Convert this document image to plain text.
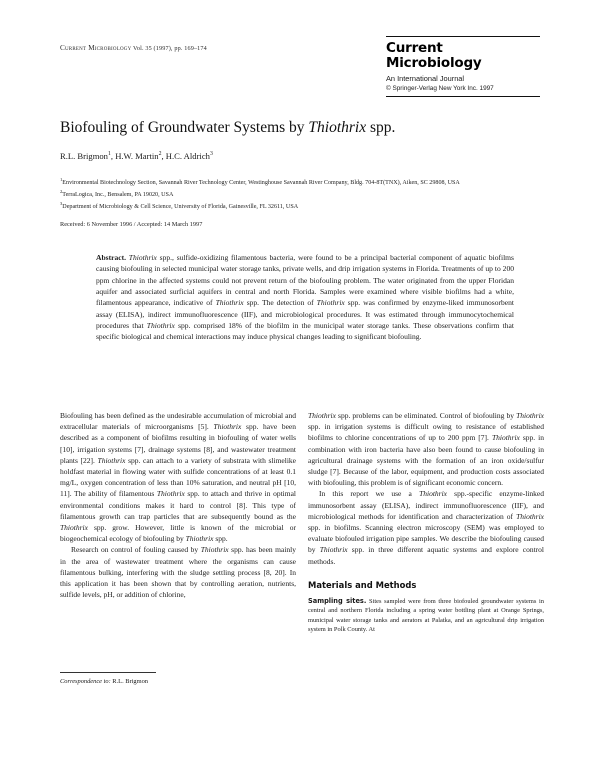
Current Microbiology Vol. 35 (1997), pp. 169–174	Current
Microbiology
An International Journal
© Springer-Verlag New York Inc. 1997
Biofouling of Groundwater Systems by Thiothrix spp.
R.L. Brigmon$^1$, H.W. Martin$^2$, H.C. Aldrich$^3$
$^1$Environmental Biotechnology Section, Savannah River Technology Center, Westinghouse Savannah River Company, Bldg. 704-8T(TNX), Aiken, SC 29808, USA
$^2$TerraLogica, Inc., Bensalem, PA 19020, USA
$^3$Department of Microbiology & Cell Science, University of Florida, Gainesville, FL 32611, USA
Received: 6 November 1996 / Accepted: 14 March 1997
Abstract. Thiothrix spp., sulfide-oxidizing filamentous bacteria, were found to be a principal bacterial component of aquatic biofilms causing biofouling in selected municipal water storage tanks, private wells, and drip irrigation systems in Florida. Treatments of up to 200 ppm chlorine in the affected systems could not prevent return of the biofouling problem. The water originated from the upper Floridan aquifer and associated surficial aquifers in central and north Florida. Samples were examined where visible biofilms had a white, filamentous appearance, indicative of Thiothrix spp. The detection of Thiothrix spp. was confirmed by enzyme-liked immunosorbent assay (ELISA), indirect immunofluorescence (IIF), and microbiological procedures. It was estimated through immunocytochemical procedures that Thiothrix spp. comprised 18% of the biofilm in the municipal water storage tanks. These observations confirm that specific biological and chemical interactions may induce physical changes leading to significant biofouling.

Biofouling has been defined as the undesirable accumulation of microbial and extracellular materials of microorganisms [5]. Thiothrix spp. have been described as a component of biofilms resulting in biofouling of water wells [10], irrigation systems [7], drainage systems [8], and wastewater treatment plants [22]. Thiothrix spp. can attach to a variety of substrata with slimelike holdfast material in flowing water with sulfide concentrations of at least 0.1 mg/L, oxygen concentration of less than 10% saturation, and neutral pH [10, 11]. The ability of filamentous Thiothrix spp. to attach and thrive in optimal environmental conditions makes it hard to control [8]. This type of filamentous growth can trap particles that are subsequently bound as the Thiothrix spp. grow. However, little is known of the microbial or biogeochemical ecology of biofouling by Thiothrix spp.

Research on control of fouling caused by Thiothrix spp. has been mainly in the area of wastewater treatment where the organisms can cause filamentous bulking, interfering with the sludge settling process [8, 20]. In this application it has been shown that by controlling aeration, nutrients, sulfide levels, pH, or addition of chlorine,

Thiothrix spp. problems can be eliminated. Control of biofouling by Thiothrix spp. in irrigation systems is difficult owing to resistance of established biofilms to chlorine concentrations of up to 200 ppm [7]. Thiothrix spp. in combination with iron bacteria have also been found to cause biofouling in agricultural drainage systems with the formation of an iron oxide/sulfur sludge [7]. Because of the labor, equipment, and production costs associated with biofouling, this problem is of significant economic concern.

In this report we use a Thiothrix spp.-specific enzyme-linked immunosorbent assay (ELISA), indirect immunofluorescence (IIF), and microbiological methods for identification and characterization of Thiothrix spp. in biofilms. Scanning electron microscopy (SEM) was employed to evaluate biofouled irrigation pipe samples. We describe the biofouling caused by Thiothrix spp. in three different aquatic systems and explore control methods.

Materials and Methods

Sampling sites. Sites sampled were from three biofouled groundwater systems in central and northern Florida including a spring water bottling plant at Orange Springs, municipal water storage tanks and aerators at Palatka, and an agricultural drip irrigation system in Polk County. At

Correspondence to: R.L. Brigmon
